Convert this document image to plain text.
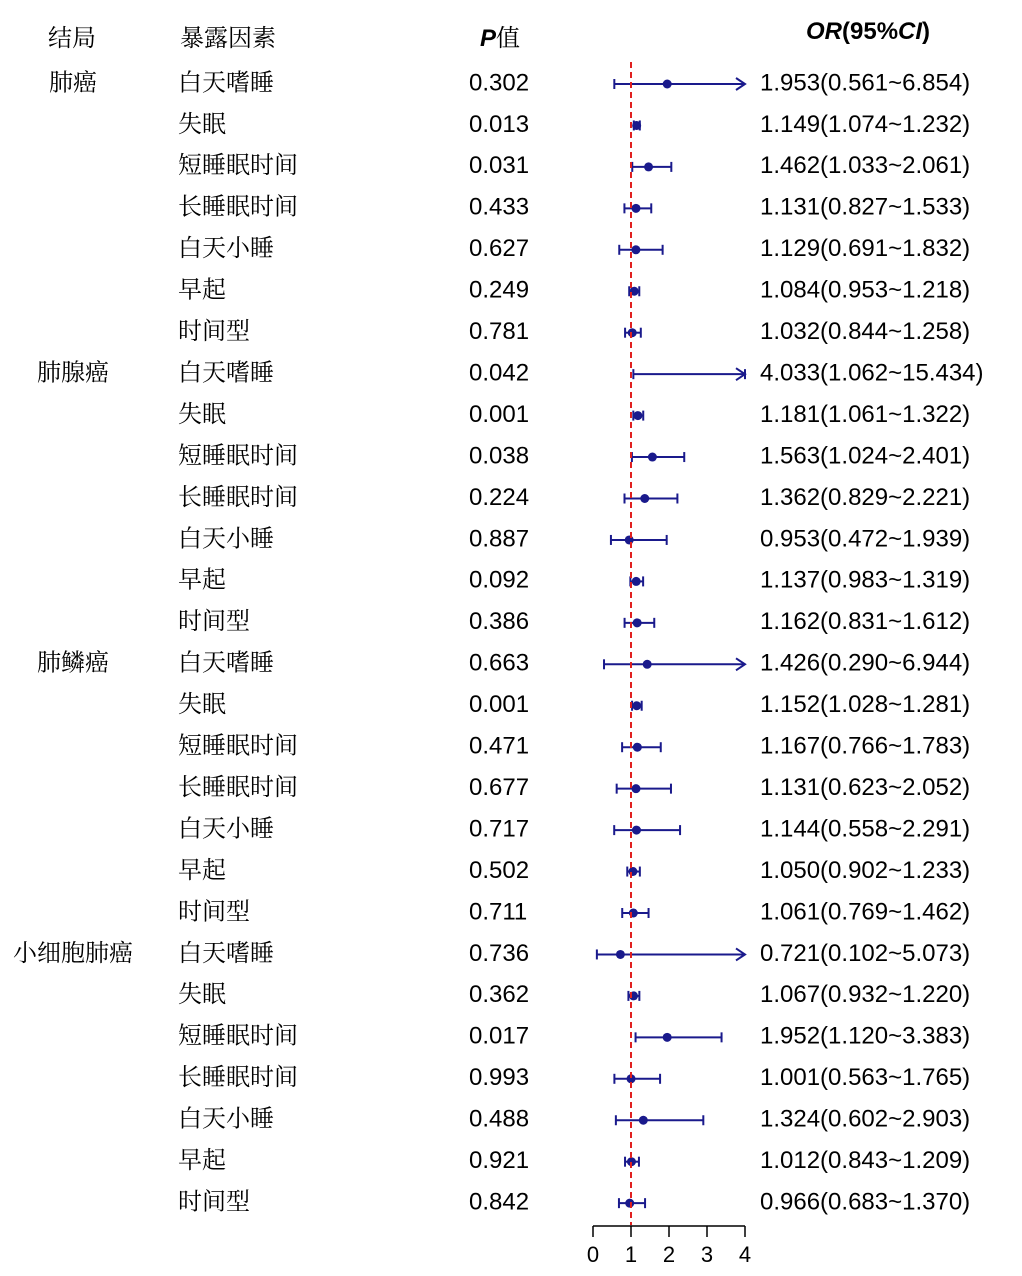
结局	暴露因素	P值	OR(95%CI)
肺癌	白天嗜睡	0.302	1.953(0.561~6.854)
失眠	0.013	1.149(1.074~1.232)
短睡眠时间	0.031	1.462(1.033~2.061)
长睡眠时间	0.433	1.131(0.827~1.533)
白天小睡	0.627	1.129(0.691~1.832)
早起	0.249	1.084(0.953~1.218)
时间型	0.781	1.032(0.844~1.258)
肺腺癌	白天嗜睡	0.042	4.033(1.062~15.434)
失眠	0.001	1.181(1.061~1.322)
短睡眠时间	0.038	1.563(1.024~2.401)
长睡眠时间	0.224	1.362(0.829~2.221)
白天小睡	0.887	0.953(0.472~1.939)
早起	0.092	1.137(0.983~1.319)
时间型	0.386	1.162(0.831~1.612)
肺鳞癌	白天嗜睡	0.663	1.426(0.290~6.944)
失眠	0.001	1.152(1.028~1.281)
短睡眠时间	0.471	1.167(0.766~1.783)
长睡眠时间	0.677	1.131(0.623~2.052)
白天小睡	0.717	1.144(0.558~2.291)
早起	0.502	1.050(0.902~1.233)
时间型	0.711	1.061(0.769~1.462)
小细胞肺癌 白天嗜睡	0.736	0.721(0.102~5.073)
失眠	0.362	1.067(0.932~1.220)
短睡眠时间	0.017	1.952(1.120~3.383)
长睡眠时间	0.993	1.001(0.563~1.765)
白天小睡	0.488	1.324(0.602~2.903)
早起	0.921	1.012(0.843~1.209)
时间型	0.842	0.966(0.683~1.370)
0 1 2 3 4
